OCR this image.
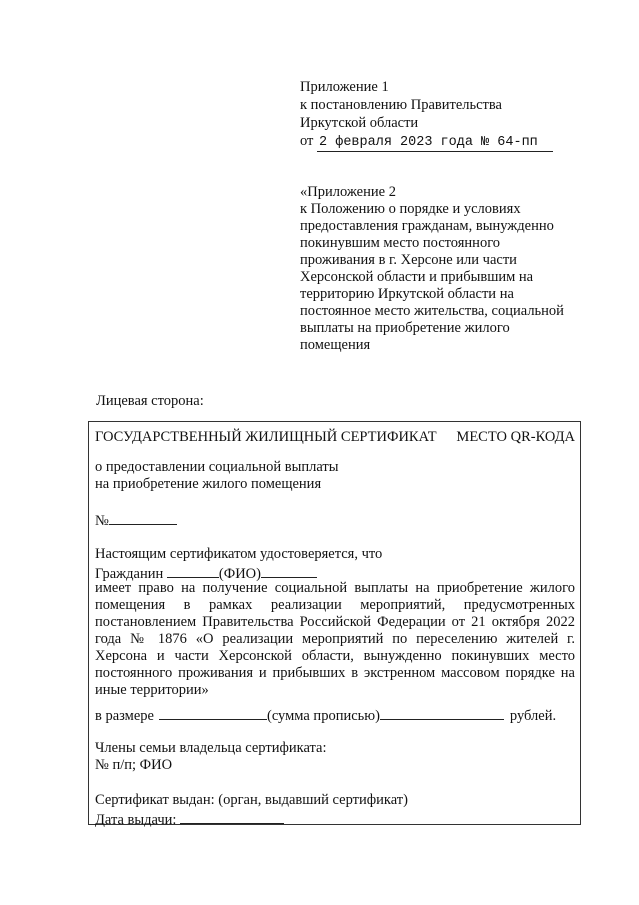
Приложение 1
к постановлению Правительства
Иркутской области
от 2 февраля 2023 года № 64-пп
«Приложение 2
к Положению о порядке и условиях
предоставления гражданам, вынужденно
покинувшим место постоянного
проживания в г. Херсоне или части
Херсонской области и прибывшим на
территорию Иркутской области на
постоянное место жительства, социальной
выплаты на приобретение жилого
помещения
Лицевая сторона:
ГОСУДАРСТВЕННЫЙ ЖИЛИЩНЫЙ СЕРТИФИКАТ МЕСТО QR-КОДА
о предоставлении социальной выплаты
на приобретение жилого помещения
№
Настоящим сертификатом удостоверяется, что
Гражданин	(ФИО)
имеет право на получение социальной выплаты на приобретение жилого помещения в рамках реализации мероприятий, предусмотренных постановлением Правительства Российской Федерации от 21 октября 2022 года № 1876 «О реализации мероприятий по переселению жителей г. Херсона и части Херсонской области, вынужденно покинувших место постоянного проживания и прибывших в экстренном массовом порядке на иные территории»
в размере	(сумма прописью)	рублей.
Члены семьи владельца сертификата:
№ п/п; ФИО
Сертификат выдан: (орган, выдавший сертификат)
Дата выдачи:
